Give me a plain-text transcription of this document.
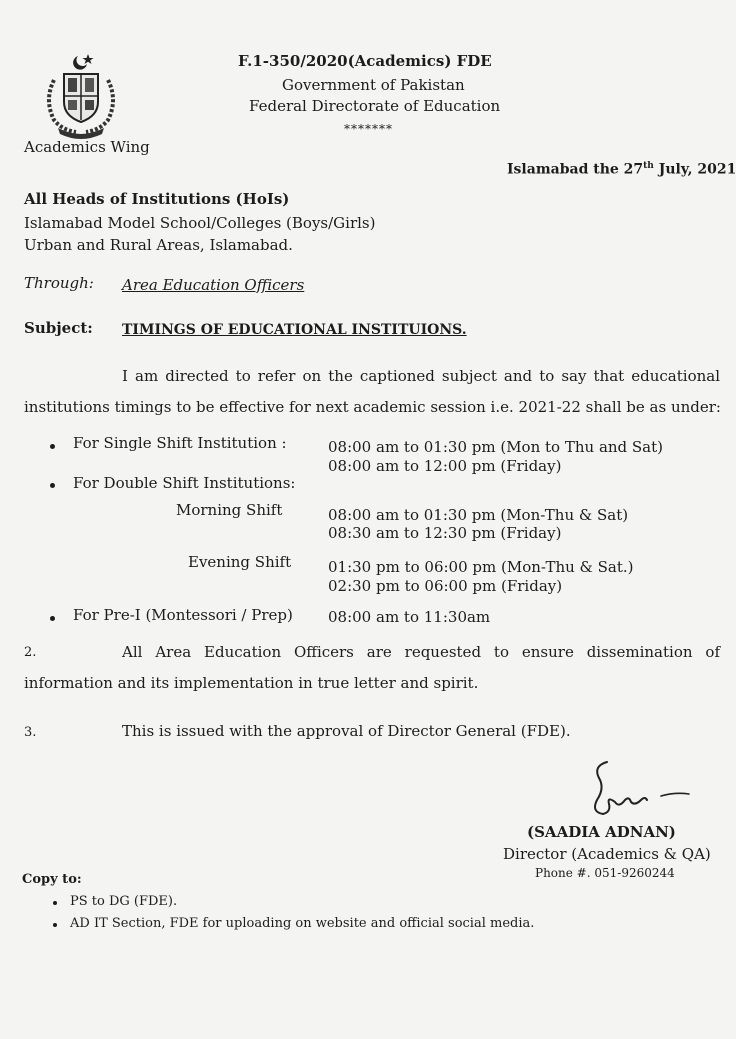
F.1-350/2020(Academics) FDE
Government of Pakistan
Federal Directorate of Education
*******
Academics Wing
Islamabad the 27th July, 2021
All Heads of Institutions (HoIs)
Islamabad Model School/Colleges (Boys/Girls)
Urban and Rural Areas, Islamabad.
Through: Area Education Officers
Subject: TIMINGS OF EDUCATIONAL INSTITUIONS.
I am directed to refer on the captioned subject and to say that educational
institutions timings to be effective for next academic session i.e. 2021-22 shall be as under:
For Single Shift Institution :	08:00 am to 01:30 pm (Mon to Thu and Sat)
08:00 am to 12:00 pm (Friday)
For Double Shift Institutions:
Morning Shift	08:00 am to 01:30 pm (Mon-Thu & Sat)
08:30 am to 12:30 pm (Friday)
Evening Shift 01:30 pm to 06:00 pm (Mon-Thu & Sat.)
02:30 pm to 06:00 pm (Friday)
For Pre-I (Montessori / Prep) 08:00 am to 11:30am
2.	All Area Education Officers are requested to ensure dissemination of
information and its implementation in true letter and spirit.
3.	This is issued with the approval of Director General (FDE).
(SAADIA ADNAN)
Director (Academics & QA)
Phone #. 051-9260244
Copy to:
PS to DG (FDE).
AD IT Section, FDE for uploading on website and official social media.
